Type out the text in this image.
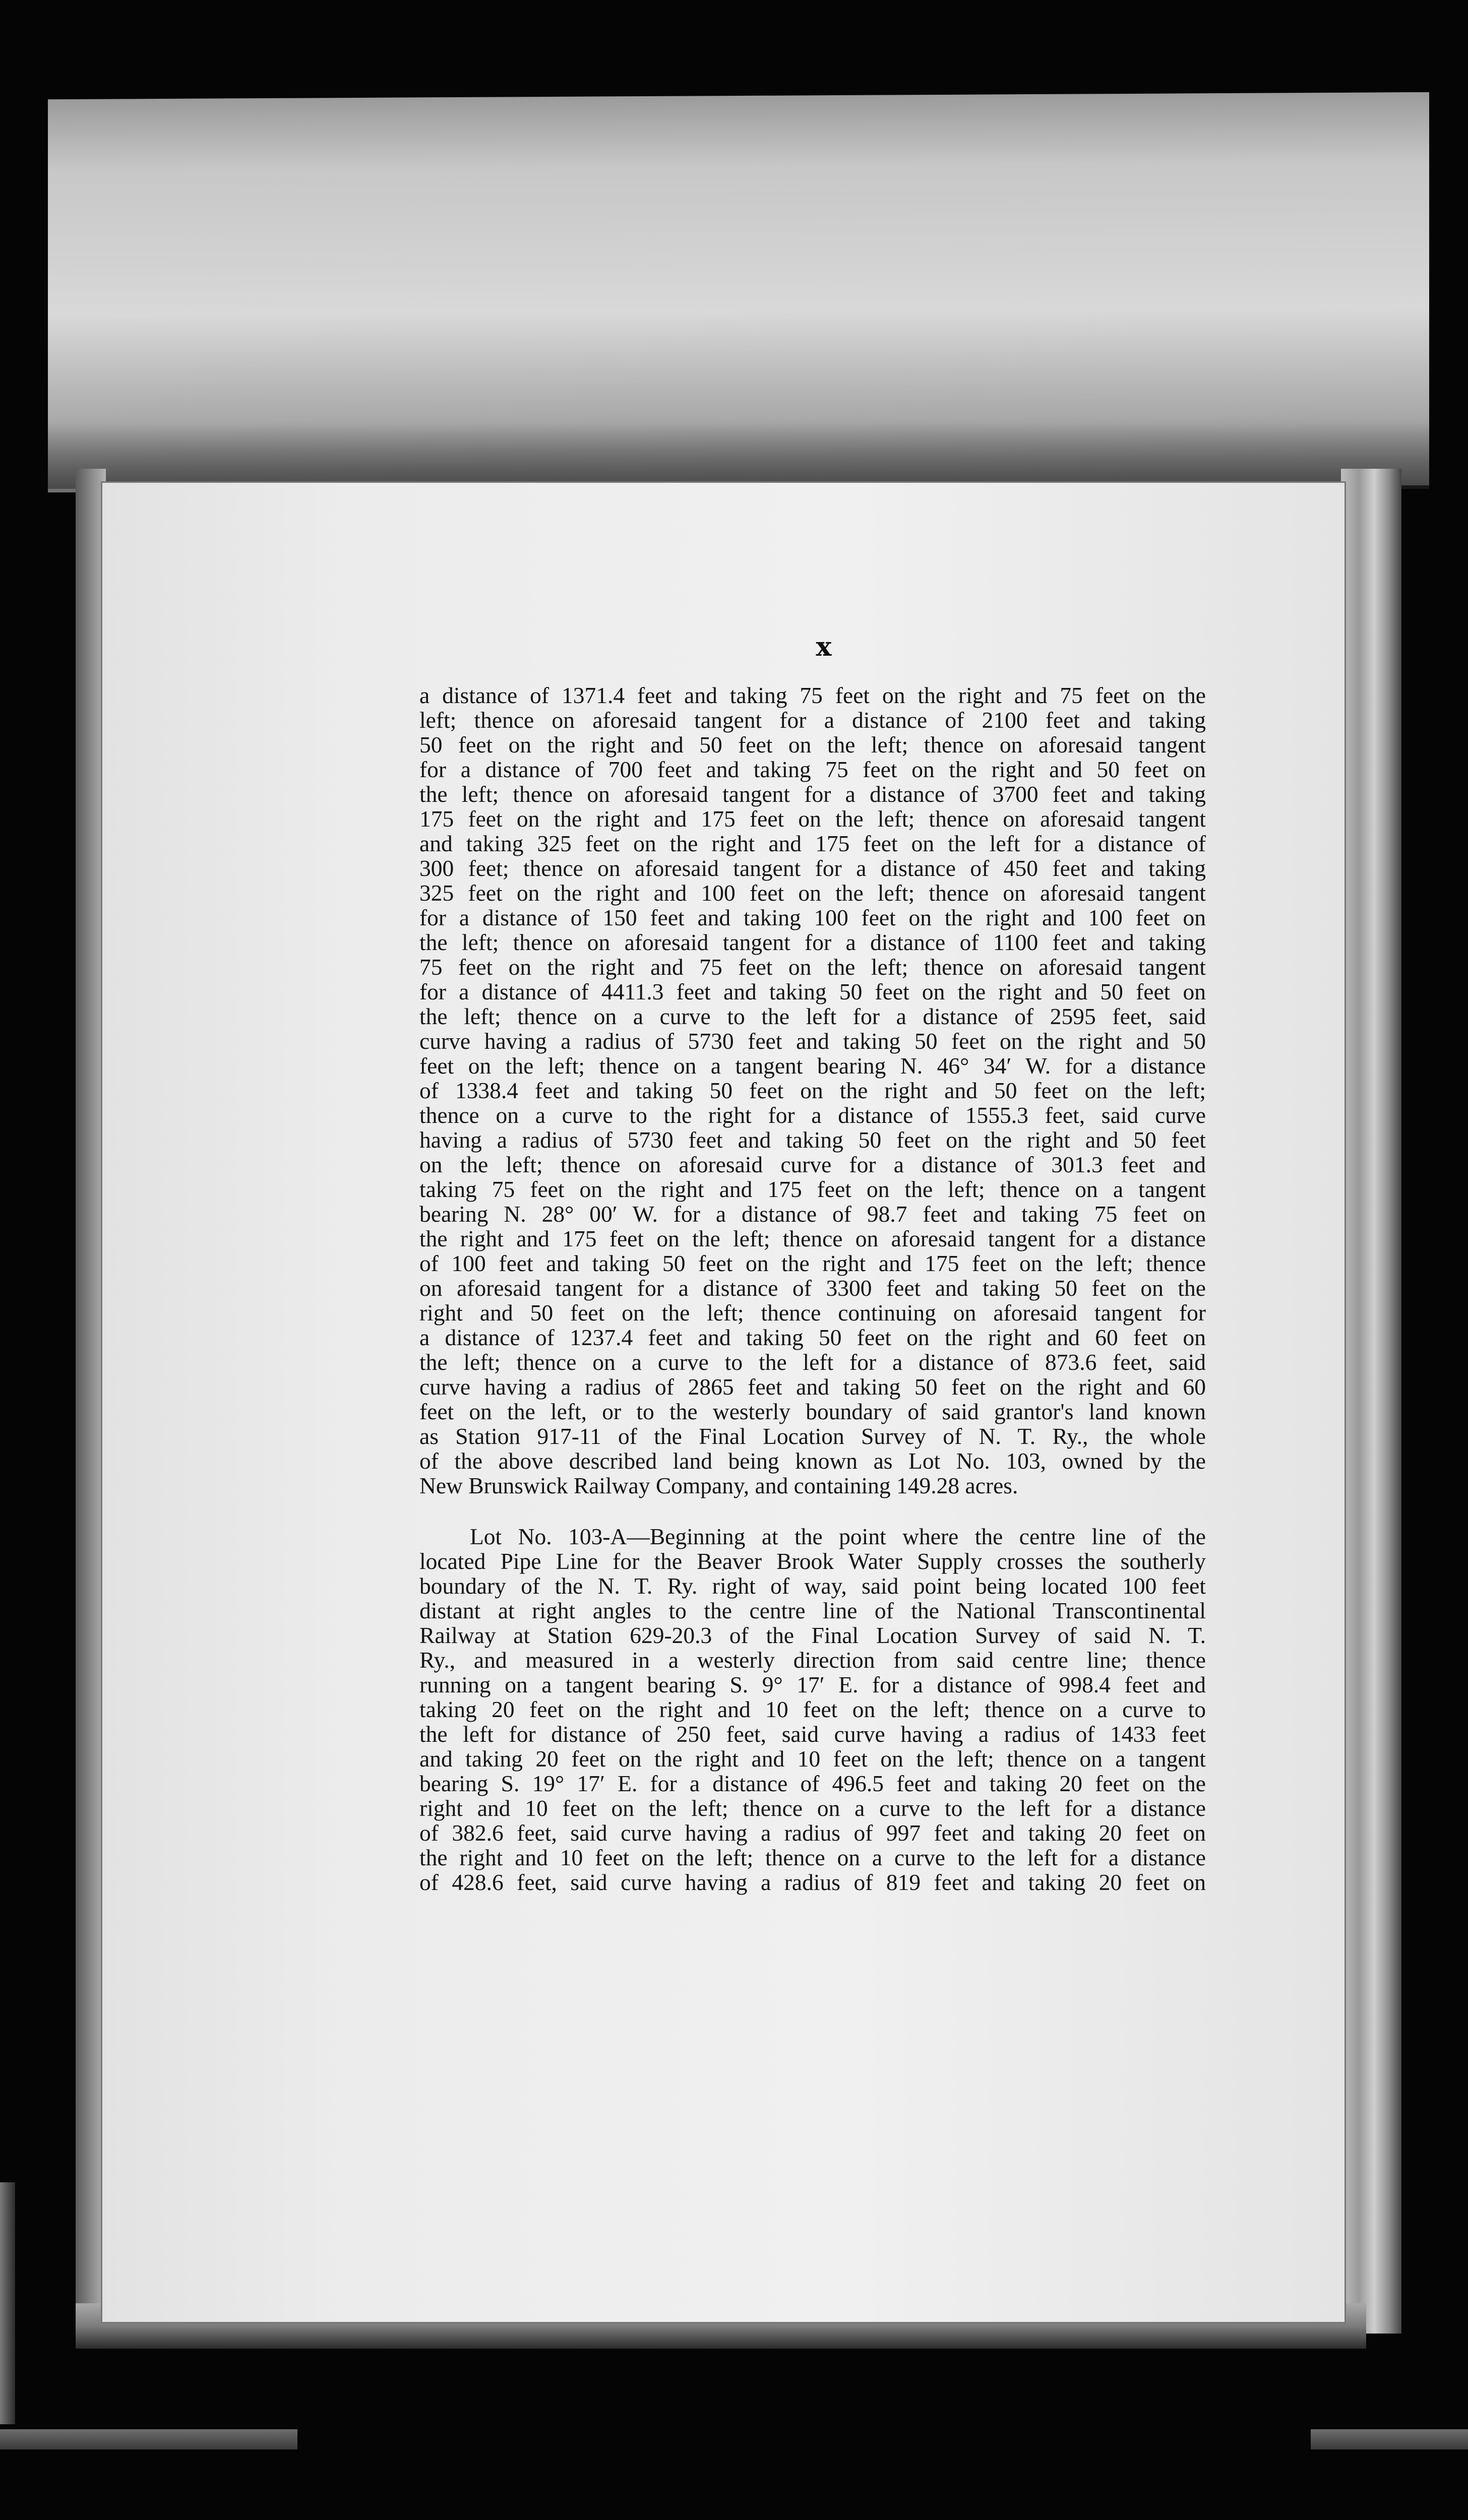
x

a distance of 1371.4 feet and taking 75 feet on the right and 75 feet on the
left; thence on aforesaid tangent for a distance of 2100 feet and taking
50 feet on the right and 50 feet on the left; thence on aforesaid tangent
for a distance of 700 feet and taking 75 feet on the right and 50 feet on
the left; thence on aforesaid tangent for a distance of 3700 feet and taking
175 feet on the right and 175 feet on the left; thence on aforesaid tangent
and taking 325 feet on the right and 175 feet on the left for a distance of
300 feet; thence on aforesaid tangent for a distance of 450 feet and taking
325 feet on the right and 100 feet on the left; thence on aforesaid tangent
for a distance of 150 feet and taking 100 feet on the right and 100 feet on
the left; thence on aforesaid tangent for a distance of 1100 feet and taking
75 feet on the right and 75 feet on the left; thence on aforesaid tangent
for a distance of 4411.3 feet and taking 50 feet on the right and 50 feet on
the left; thence on a curve to the left for a distance of 2595 feet, said
curve having a radius of 5730 feet and taking 50 feet on the right and 50
feet on the left; thence on a tangent bearing N. 46° 34′ W. for a distance
of 1338.4 feet and taking 50 feet on the right and 50 feet on the left;
thence on a curve to the right for a distance of 1555.3 feet, said curve
having a radius of 5730 feet and taking 50 feet on the right and 50 feet
on the left; thence on aforesaid curve for a distance of 301.3 feet and
taking 75 feet on the right and 175 feet on the left; thence on a tangent
bearing N. 28° 00′ W. for a distance of 98.7 feet and taking 75 feet on
the right and 175 feet on the left; thence on aforesaid tangent for a distance
of 100 feet and taking 50 feet on the right and 175 feet on the left; thence
on aforesaid tangent for a distance of 3300 feet and taking 50 feet on the
right and 50 feet on the left; thence continuing on aforesaid tangent for
a distance of 1237.4 feet and taking 50 feet on the right and 60 feet on
the left; thence on a curve to the left for a distance of 873.6 feet, said
curve having a radius of 2865 feet and taking 50 feet on the right and 60
feet on the left, or to the westerly boundary of said grantor's land known
as Station 917-11 of the Final Location Survey of N. T. Ry., the whole
of the above described land being known as Lot No. 103, owned by the
New Brunswick Railway Company, and containing 149.28 acres.

Lot No. 103-A—Beginning at the point where the centre line of the
located Pipe Line for the Beaver Brook Water Supply crosses the southerly
boundary of the N. T. Ry. right of way, said point being located 100 feet
distant at right angles to the centre line of the National Transcontinental
Railway at Station 629-20.3 of the Final Location Survey of said N. T.
Ry., and measured in a westerly direction from said centre line; thence
running on a tangent bearing S. 9° 17′ E. for a distance of 998.4 feet and
taking 20 feet on the right and 10 feet on the left; thence on a curve to
the left for distance of 250 feet, said curve having a radius of 1433 feet
and taking 20 feet on the right and 10 feet on the left; thence on a tangent
bearing S. 19° 17′ E. for a distance of 496.5 feet and taking 20 feet on the
right and 10 feet on the left; thence on a curve to the left for a distance
of 382.6 feet, said curve having a radius of 997 feet and taking 20 feet on
the right and 10 feet on the left; thence on a curve to the left for a distance
of 428.6 feet, said curve having a radius of 819 feet and taking 20 feet on
